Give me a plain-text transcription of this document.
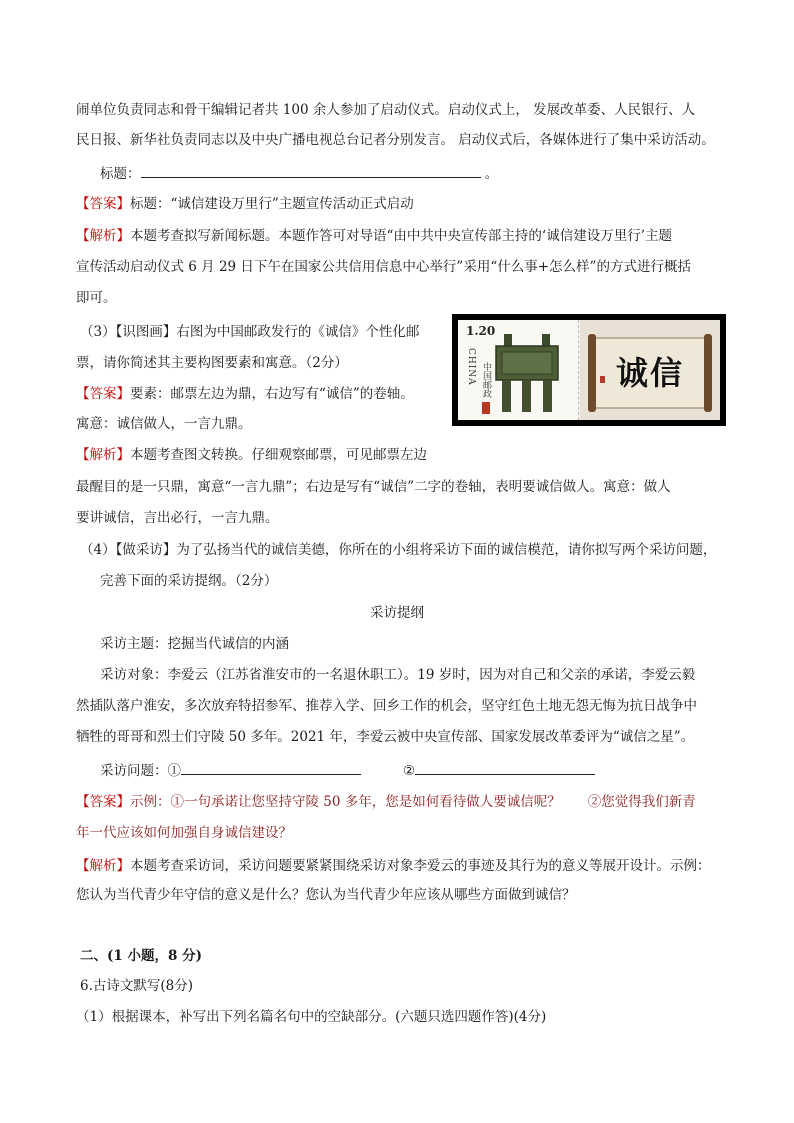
闹单位负责同志和骨干编辑记者共 100 余人参加了启动仪式。启动仪式上， 发展改革委、人民银行、人
民日报、新华社负责同志以及中央广播电视总台记者分别发言。 启动仪式后，各媒体进行了集中采访活动。
标题：	。
【答案】标题：“诚信建设万里行”主题宣传活动正式启动
【解析】本题考查拟写新闻标题。本题作答可对导语“由中共中央宣传部主持的‘诚信建设万里行’主题
宣传活动启动仪式 6 月 29 日下午在国家公共信用信息中心举行”采用“什么事+怎么样”的方式进行概括
即可。
（3）【识图画】右图为中国邮政发行的《诚信》个性化邮
票，请你简述其主要构图要素和寓意。（2分）
【答案】要素：邮票左边为鼎，右边写有“诚信”的卷轴。
寓意：诚信做人，一言九鼎。
【解析】本题考查图文转换。仔细观察邮票，可见邮票左边
最醒目的是一只鼎，寓意“一言九鼎”；右边是写有“诚信”二字的卷轴，表明要诚信做人。寓意：做人
要讲诚信，言出必行，一言九鼎。
1.20
CHINA 中国邮政	诚信
（4）【做采访】为了弘扬当代的诚信美德，你所在的小组将采访下面的诚信模范，请你拟写两个采访问题，
完善下面的采访提纲。（2分）
采访提纲
采访主题：挖掘当代诚信的内涵
采访对象：李爱云（江苏省淮安市的一名退休职工）。19 岁时，因为对自己和父亲的承诺，李爱云毅
然插队落户淮安，多次放弃特招参军、推荐入学、回乡工作的机会，坚守红色土地无怨无悔为抗日战争中
牺牲的哥哥和烈士们守陵 50 多年。2021 年，李爱云被中央宣传部、国家发展改革委评为“诚信之星”。
采访问题：①	②
【答案】示例：①一句承诺让您坚持守陵 50 多年，您是如何看待做人要诚信呢？　　②您觉得我们新青
年一代应该如何加强自身诚信建设？
【解析】本题考查采访词，采访问题要紧紧围绕采访对象李爱云的事迹及其行为的意义等展开设计。示例：
您认为当代青少年守信的意义是什么？您认为当代青少年应该从哪些方面做到诚信？
二、(1 小题，8 分)
6.古诗文默写(8分)
（1）根据课本，补写出下列名篇名句中的空缺部分。(六题只选四题作答)(4分)
